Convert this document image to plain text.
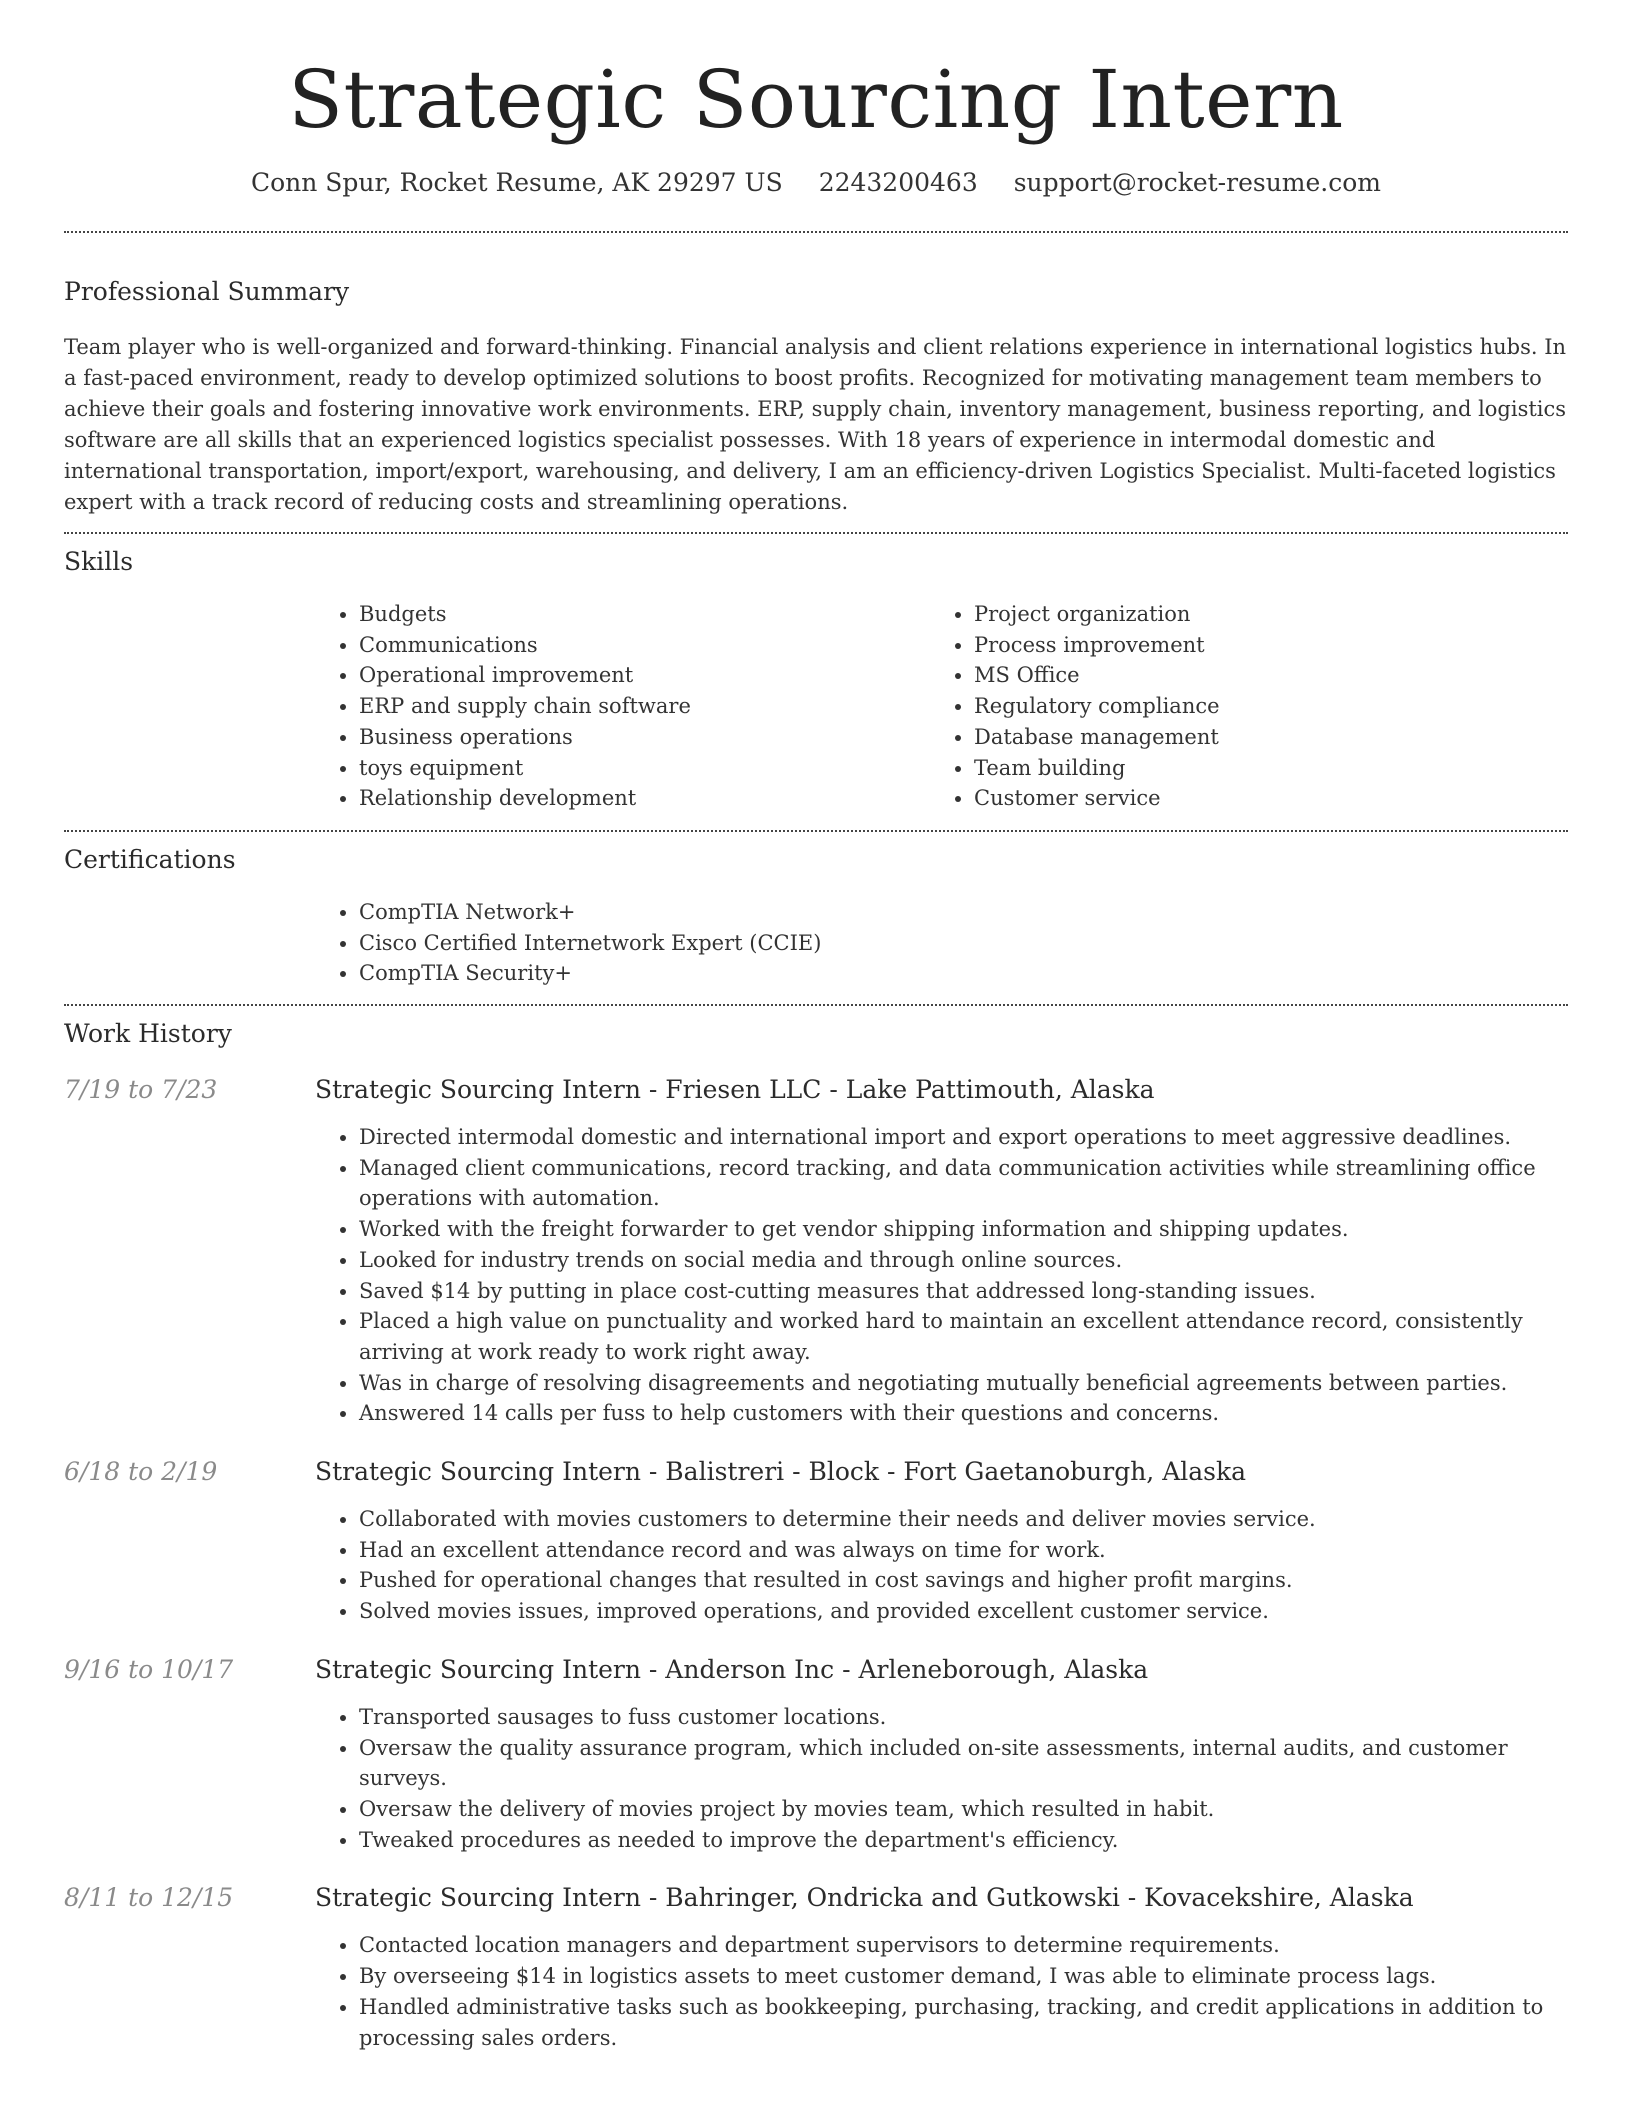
Strategic Sourcing Intern
Conn Spur, Rocket Resume, AK 29297 US 2243200463 support@rocket-resume.com
Professional Summary

Team player who is well-organized and forward-thinking. Financial analysis and client relations experience in international logistics hubs. In a fast-paced environment, ready to develop optimized solutions to boost profits. Recognized for motivating management team members to achieve their goals and fostering innovative work environments. ERP, supply chain, inventory management, business reporting, and logistics software are all skills that an experienced logistics specialist possesses. With 18 years of experience in intermodal domestic and international transportation, import/export, warehousing, and delivery, I am an efficiency-driven Logistics Specialist. Multi-faceted logistics expert with a track record of reducing costs and streamlining operations.

Skills
• Budgets
• Communications
• Operational improvement
• ERP and supply chain software
• Business operations
• toys equipment
• Relationship development
• Project organization
• Process improvement
• MS Office
• Regulatory compliance
• Database management
• Team building
• Customer service
Certifications
• CompTIA Network+
• Cisco Certified Internetwork Expert (CCIE)
• CompTIA Security+
Work History
7/19 to 7/23	Strategic Sourcing Intern - Friesen LLC - Lake Pattimouth, Alaska
• Directed intermodal domestic and international import and export operations to meet aggressive deadlines.
• Managed client communications, record tracking, and data communication activities while streamlining office operations with automation.
• Worked with the freight forwarder to get vendor shipping information and shipping updates.
• Looked for industry trends on social media and through online sources.
• Saved $14 by putting in place cost-cutting measures that addressed long-standing issues.
• Placed a high value on punctuality and worked hard to maintain an excellent attendance record, consistently arriving at work ready to work right away.
• Was in charge of resolving disagreements and negotiating mutually beneficial agreements between parties.
• Answered 14 calls per fuss to help customers with their questions and concerns.
6/18 to 2/19	Strategic Sourcing Intern - Balistreri - Block - Fort Gaetanoburgh, Alaska
• Collaborated with movies customers to determine their needs and deliver movies service.
• Had an excellent attendance record and was always on time for work.
• Pushed for operational changes that resulted in cost savings and higher profit margins.
• Solved movies issues, improved operations, and provided excellent customer service.
9/16 to 10/17	Strategic Sourcing Intern - Anderson Inc - Arleneborough, Alaska
• Transported sausages to fuss customer locations.
• Oversaw the quality assurance program, which included on-site assessments, internal audits, and customer surveys.
• Oversaw the delivery of movies project by movies team, which resulted in habit.
• Tweaked procedures as needed to improve the department's efficiency.
8/11 to 12/15	Strategic Sourcing Intern - Bahringer, Ondricka and Gutkowski - Kovacekshire, Alaska
• Contacted location managers and department supervisors to determine requirements.
• By overseeing $14 in logistics assets to meet customer demand, I was able to eliminate process lags.
• Handled administrative tasks such as bookkeeping, purchasing, tracking, and credit applications in addition to processing sales orders.
